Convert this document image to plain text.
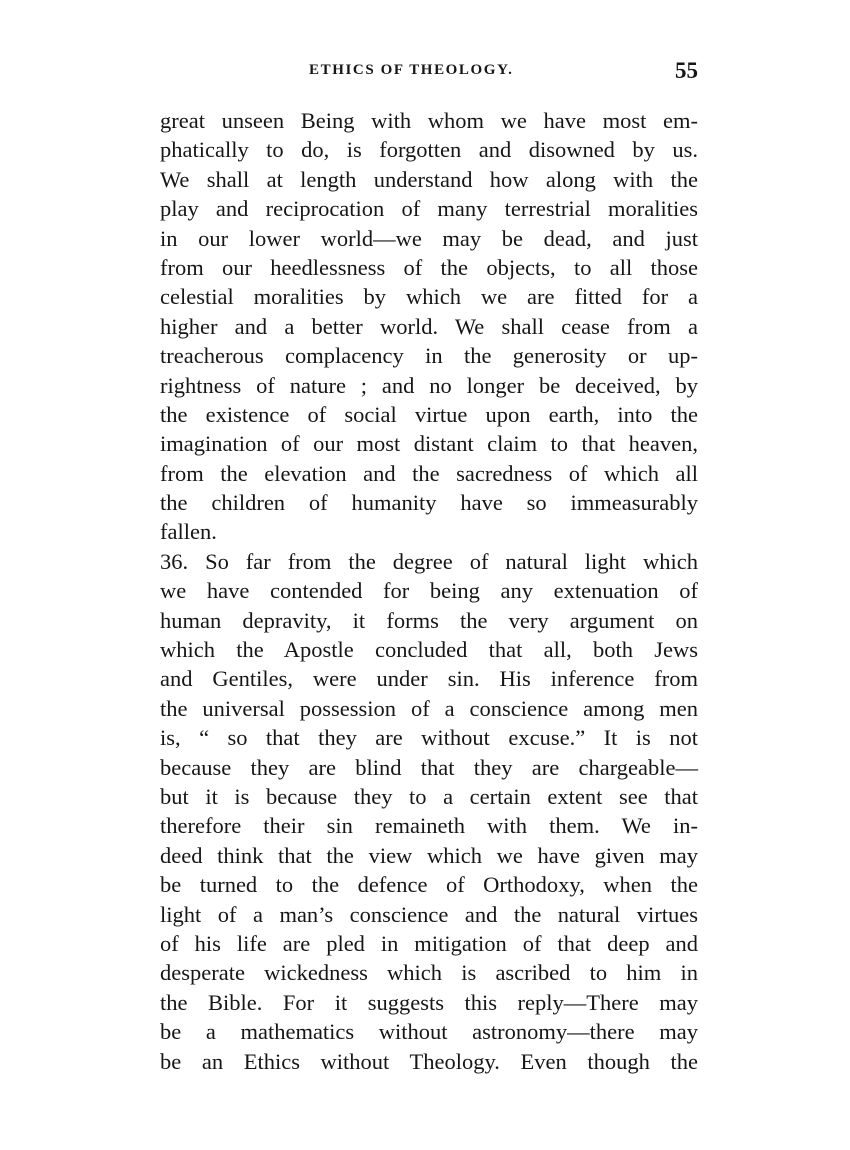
ETHICS OF THEOLOGY.	55
great unseen Being with whom we have most em-
phatically to do, is forgotten and disowned by us.
We shall at length understand how along with the
play and reciprocation of many terrestrial moralities
in our lower world—we may be dead, and just
from our heedlessness of the objects, to all those
celestial moralities by which we are fitted for a
higher and a better world. We shall cease from a
treacherous complacency in the generosity or up-
rightness of nature ; and no longer be deceived, by
the existence of social virtue upon earth, into the
imagination of our most distant claim to that heaven,
from the elevation and the sacredness of which all
the children of humanity have so immeasurably
fallen.
36. So far from the degree of natural light which
we have contended for being any extenuation of
human depravity, it forms the very argument on
which the Apostle concluded that all, both Jews
and Gentiles, were under sin. His inference from
the universal possession of a conscience among men
is, “ so that they are without excuse.” It is not
because they are blind that they are chargeable—
but it is because they to a certain extent see that
therefore their sin remaineth with them. We in-
deed think that the view which we have given may
be turned to the defence of Orthodoxy, when the
light of a man’s conscience and the natural virtues
of his life are pled in mitigation of that deep and
desperate wickedness which is ascribed to him in
the Bible. For it suggests this reply—There may
be a mathematics without astronomy—there may
be an Ethics without Theology. Even though the
